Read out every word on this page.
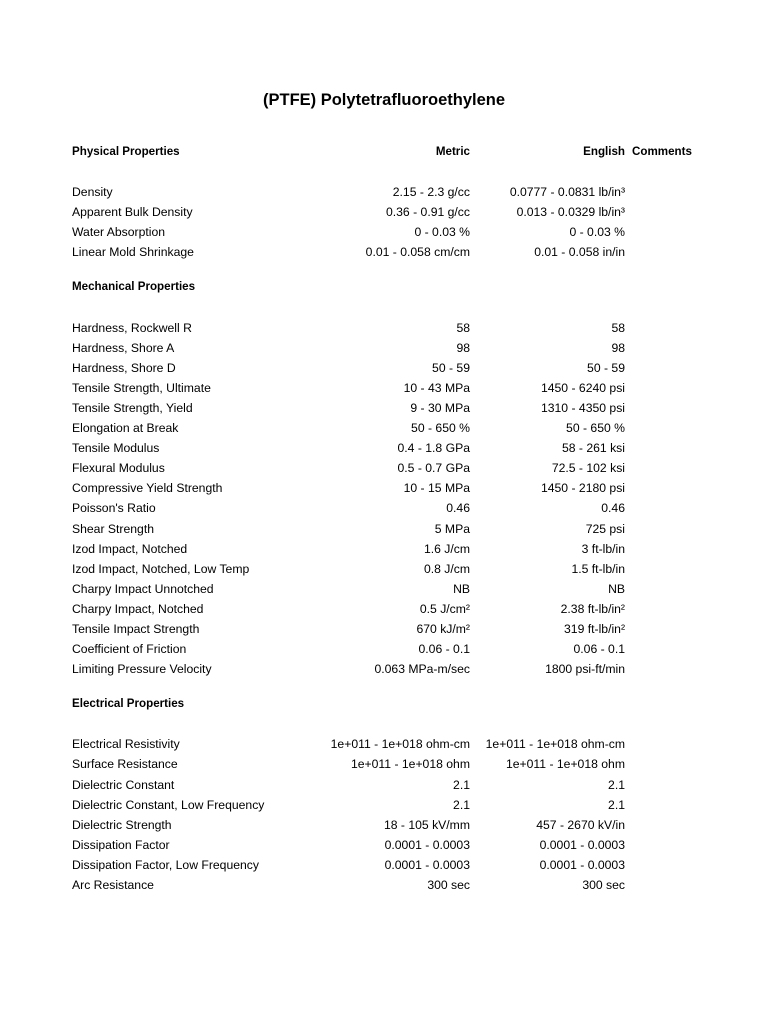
(PTFE) Polytetrafluoroethylene
Physical Properties	Metric	English Comments
Density	2.15 - 2.3 g/cc	0.0777 - 0.0831 lb/in³
Apparent Bulk Density	0.36 - 0.91 g/cc	0.013 - 0.0329 lb/in³
Water Absorption	0 - 0.03 %	0 - 0.03 %
Linear Mold Shrinkage	0.01 - 0.058 cm/cm	0.01 - 0.058 in/in
Mechanical Properties
Hardness, Rockwell R	58	58
Hardness, Shore A	98	98
Hardness, Shore D	50 - 59	50 - 59
Tensile Strength, Ultimate	10 - 43 MPa	1450 - 6240 psi
Tensile Strength, Yield	9 - 30 MPa	1310 - 4350 psi
Elongation at Break	50 - 650 %	50 - 650 %
Tensile Modulus	0.4 - 1.8 GPa	58 - 261 ksi
Flexural Modulus	0.5 - 0.7 GPa	72.5 - 102 ksi
Compressive Yield Strength	10 - 15 MPa	1450 - 2180 psi
Poisson's Ratio	0.46	0.46
Shear Strength	5 MPa	725 psi
Izod Impact, Notched	1.6 J/cm	3 ft-lb/in
Izod Impact, Notched, Low Temp	0.8 J/cm	1.5 ft-lb/in
Charpy Impact Unnotched	NB	NB
Charpy Impact, Notched	0.5 J/cm²	2.38 ft-lb/in²
Tensile Impact Strength	670 kJ/m²	319 ft-lb/in²
Coefficient of Friction	0.06 - 0.1	0.06 - 0.1
Limiting Pressure Velocity	0.063 MPa-m/sec	1800 psi-ft/min
Electrical Properties
Electrical Resistivity	1e+011 - 1e+018 ohm-cm 1e+011 - 1e+018 ohm-cm
Surface Resistance	1e+011 - 1e+018 ohm	1e+011 - 1e+018 ohm
Dielectric Constant	2.1	2.1
Dielectric Constant, Low Frequency	2.1	2.1
Dielectric Strength	18 - 105 kV/mm	457 - 2670 kV/in
Dissipation Factor	0.0001 - 0.0003	0.0001 - 0.0003
Dissipation Factor, Low Frequency	0.0001 - 0.0003	0.0001 - 0.0003
Arc Resistance	300 sec	300 sec
